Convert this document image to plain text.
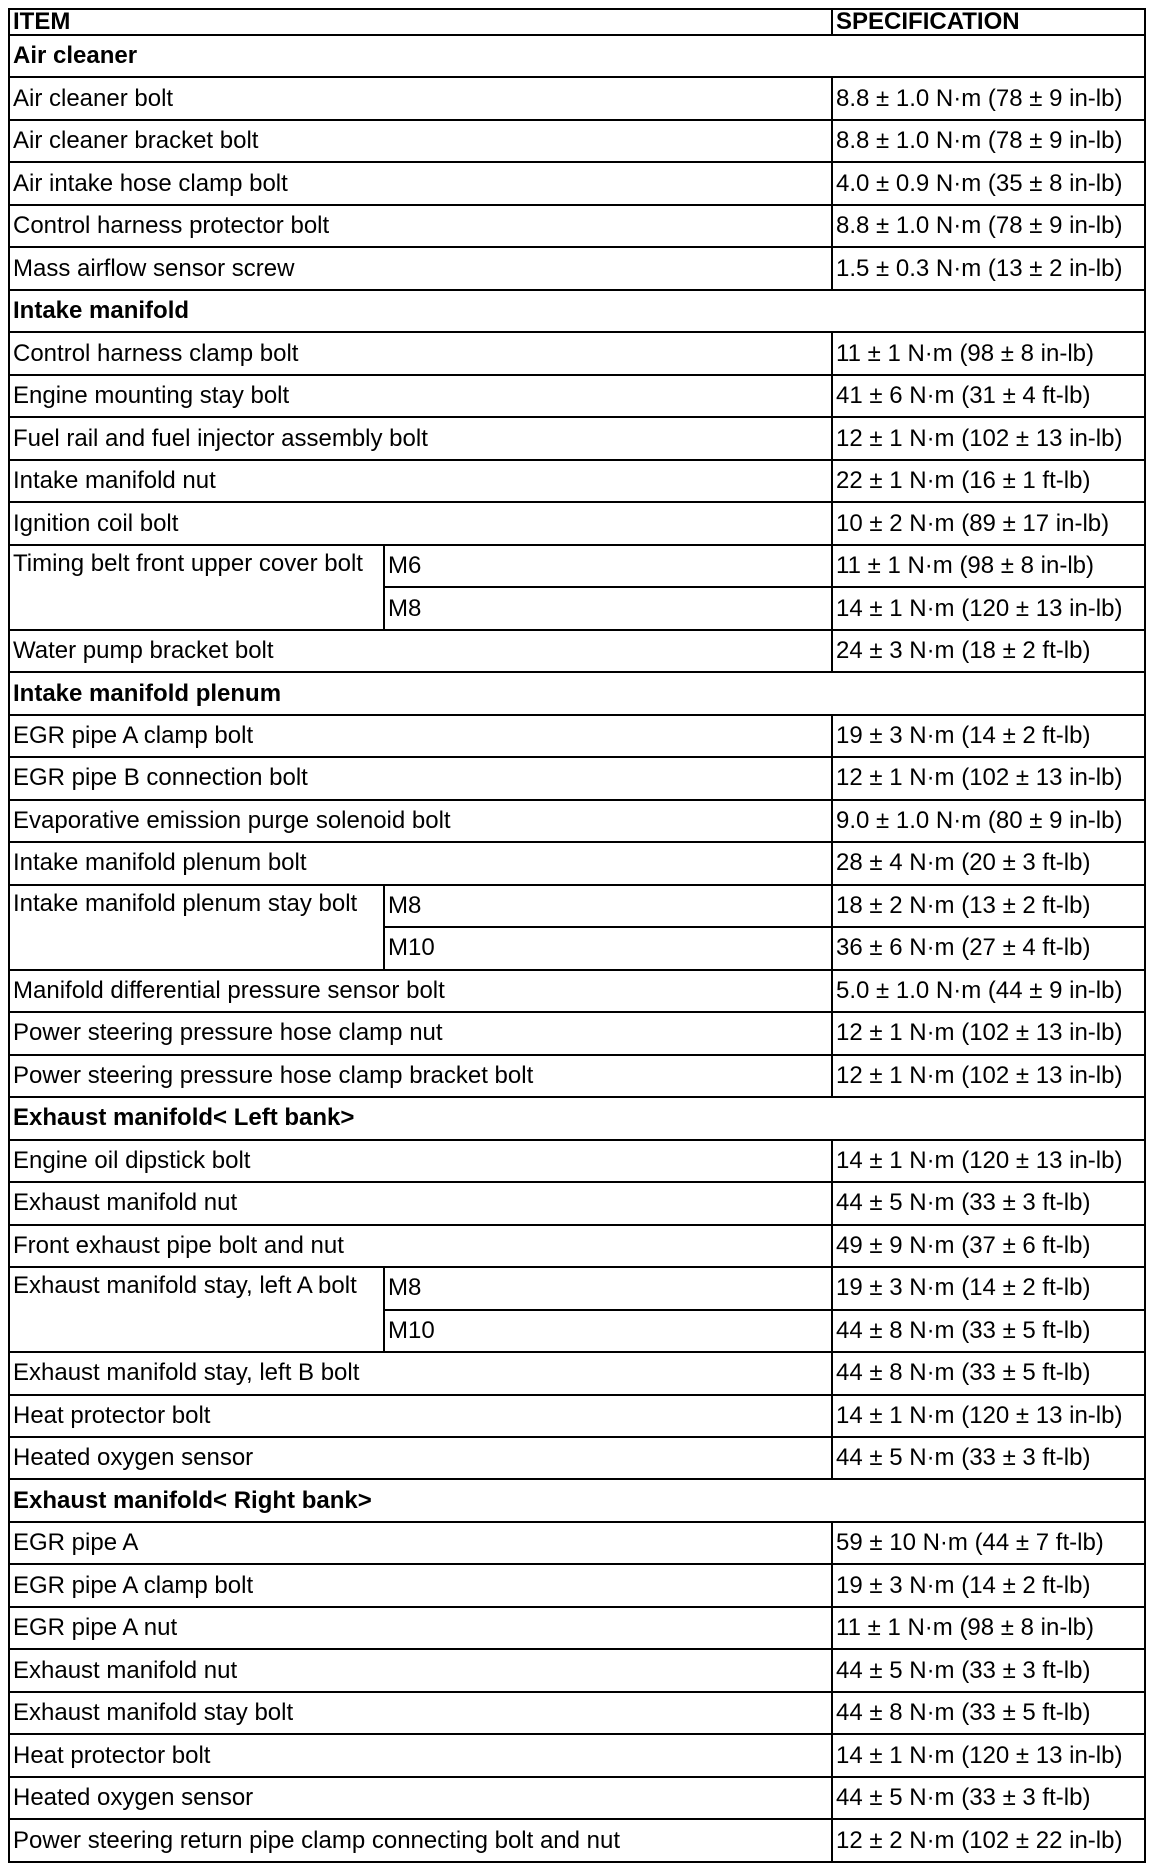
ITEM		SPECIFICATION
Air cleaner		
Air cleaner bolt		8.8 ± 1.0 N·m (78 ± 9 in-lb)
Air cleaner bracket bolt		8.8 ± 1.0 N·m (78 ± 9 in-lb)
Air intake hose clamp bolt		4.0 ± 0.9 N·m (35 ± 8 in-lb)
Control harness protector bolt		8.8 ± 1.0 N·m (78 ± 9 in-lb)
Mass airflow sensor screw		1.5 ± 0.3 N·m (13 ± 2 in-lb)
Intake manifold		
Control harness clamp bolt		11 ± 1 N·m (98 ± 8 in-lb)
Engine mounting stay bolt		41 ± 6 N·m (31 ± 4 ft-lb)
Fuel rail and fuel injector assembly bolt		12 ± 1 N·m (102 ± 13 in-lb)
Intake manifold nut		22 ± 1 N·m (16 ± 1 ft-lb)
Ignition coil bolt		10 ± 2 N·m (89 ± 17 in-lb)
Timing belt front upper cover bolt	M6	11 ± 1 N·m (98 ± 8 in-lb)
	M8	14 ± 1 N·m (120 ± 13 in-lb)
Water pump bracket bolt		24 ± 3 N·m (18 ± 2 ft-lb)
Intake manifold plenum		
EGR pipe A clamp bolt		19 ± 3 N·m (14 ± 2 ft-lb)
EGR pipe B connection bolt		12 ± 1 N·m (102 ± 13 in-lb)
Evaporative emission purge solenoid bolt		9.0 ± 1.0 N·m (80 ± 9 in-lb)
Intake manifold plenum bolt		28 ± 4 N·m (20 ± 3 ft-lb)
Intake manifold plenum stay bolt	M8	18 ± 2 N·m (13 ± 2 ft-lb)
	M10	36 ± 6 N·m (27 ± 4 ft-lb)
Manifold differential pressure sensor bolt		5.0 ± 1.0 N·m (44 ± 9 in-lb)
Power steering pressure hose clamp nut		12 ± 1 N·m (102 ± 13 in-lb)
Power steering pressure hose clamp bracket bolt		12 ± 1 N·m (102 ± 13 in-lb)
Exhaust manifold< Left bank>		
Engine oil dipstick bolt		14 ± 1 N·m (120 ± 13 in-lb)
Exhaust manifold nut		44 ± 5 N·m (33 ± 3 ft-lb)
Front exhaust pipe bolt and nut		49 ± 9 N·m (37 ± 6 ft-lb)
Exhaust manifold stay, left A bolt	M8	19 ± 3 N·m (14 ± 2 ft-lb)
	M10	44 ± 8 N·m (33 ± 5 ft-lb)
Exhaust manifold stay, left B bolt		44 ± 8 N·m (33 ± 5 ft-lb)
Heat protector bolt		14 ± 1 N·m (120 ± 13 in-lb)
Heated oxygen sensor		44 ± 5 N·m (33 ± 3 ft-lb)
Exhaust manifold< Right bank>		
EGR pipe A		59 ± 10 N·m (44 ± 7 ft-lb)
EGR pipe A clamp bolt		19 ± 3 N·m (14 ± 2 ft-lb)
EGR pipe A nut		11 ± 1 N·m (98 ± 8 in-lb)
Exhaust manifold nut		44 ± 5 N·m (33 ± 3 ft-lb)
Exhaust manifold stay bolt		44 ± 8 N·m (33 ± 5 ft-lb)
Heat protector bolt		14 ± 1 N·m (120 ± 13 in-lb)
Heated oxygen sensor		44 ± 5 N·m (33 ± 3 ft-lb)
Power steering return pipe clamp connecting bolt and nut		12 ± 2 N·m (102 ± 22 in-lb)
